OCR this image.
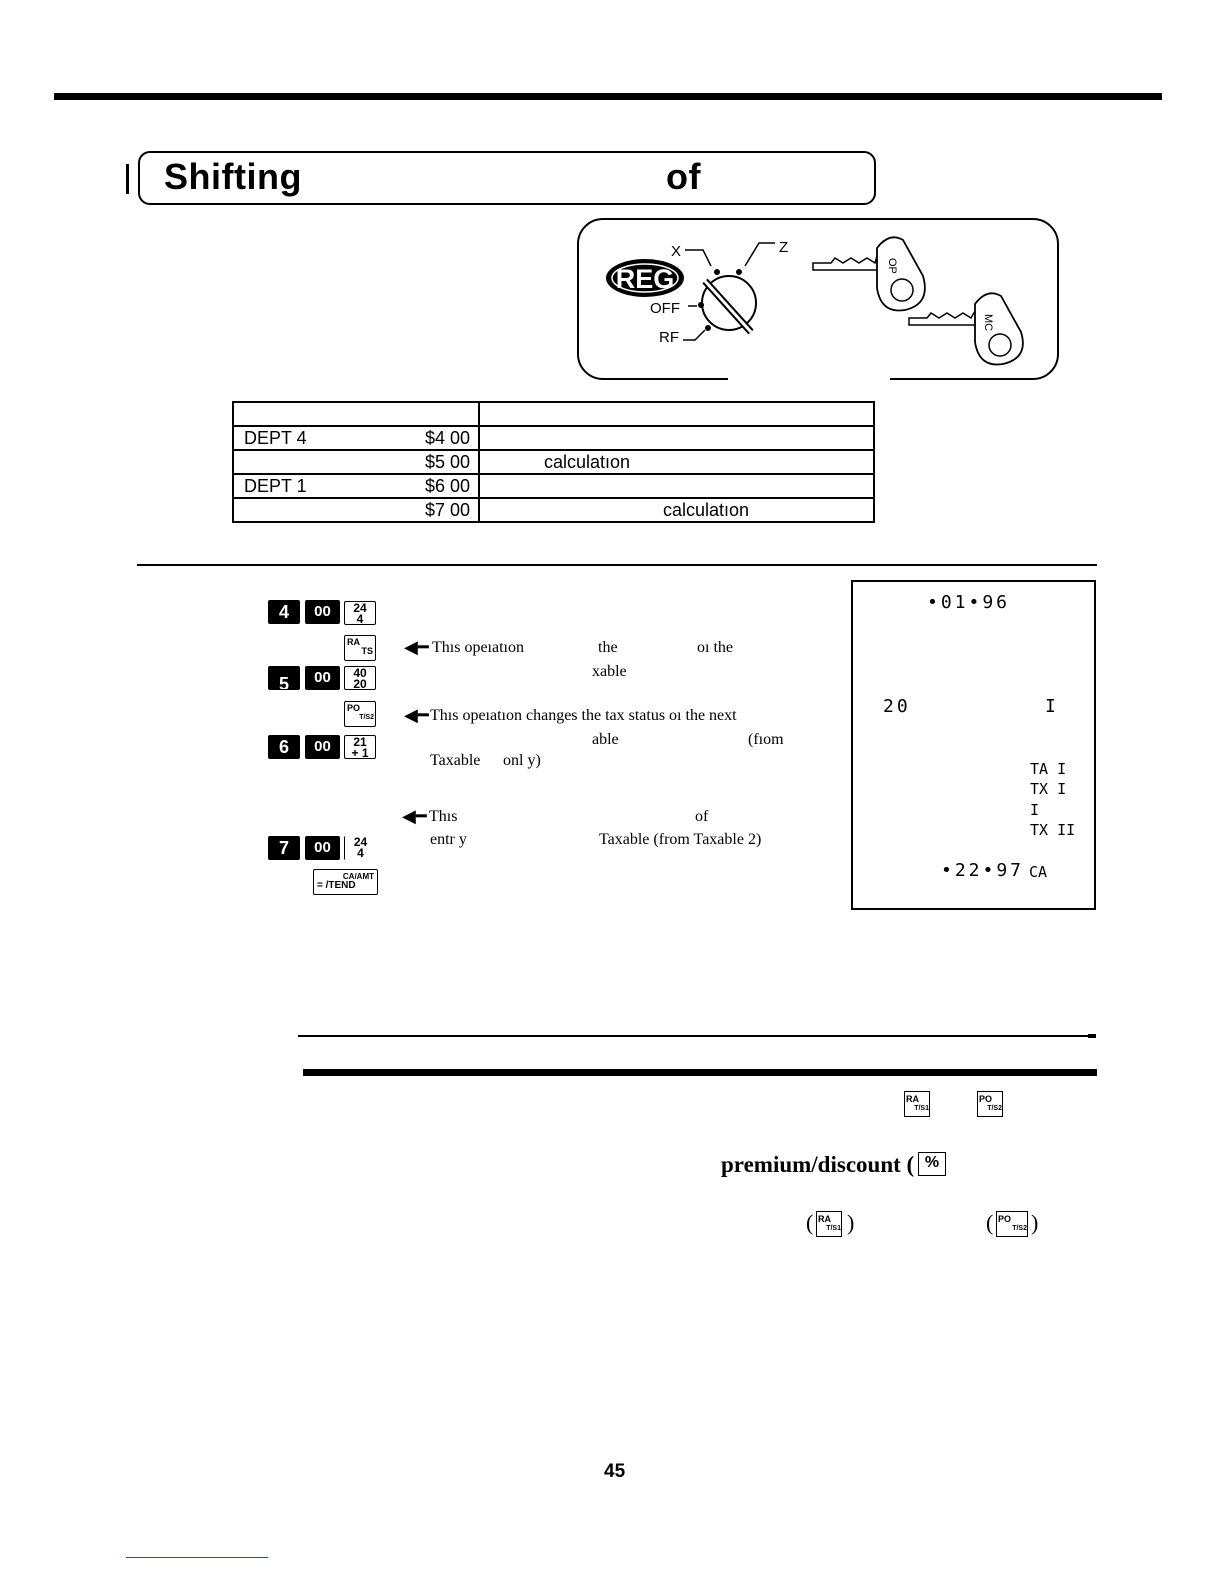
Shifting	of
REG
X	Z
OFF
RF
OP
MC

DEPT 4 $4 00	

$5 00	calculatıon

DEPT 1 $6 00	

$7 00	calculatıon
4	00	24
4
RA
TS
5	00	40
20
PO
T/S2
6	00	21
+ 1
7	00	24
4
CA/AMT
= /TEND
◀━ Thıs opeıatıon	the	oı the
xable
◀━ Thıs opeıatıon changes the tax status oı the next
able	(fıom
Taxable onl y)
◀━ Thıs	of
entr y	Taxable (from Taxable 2)
•01•96
20	I
TA I
TX I
I
TX II
•22•97 CA
RA
T/S1
PO
T/S2
premium/discount ( %
( RA
T/S1 )	( PO
T/S2 )
45
